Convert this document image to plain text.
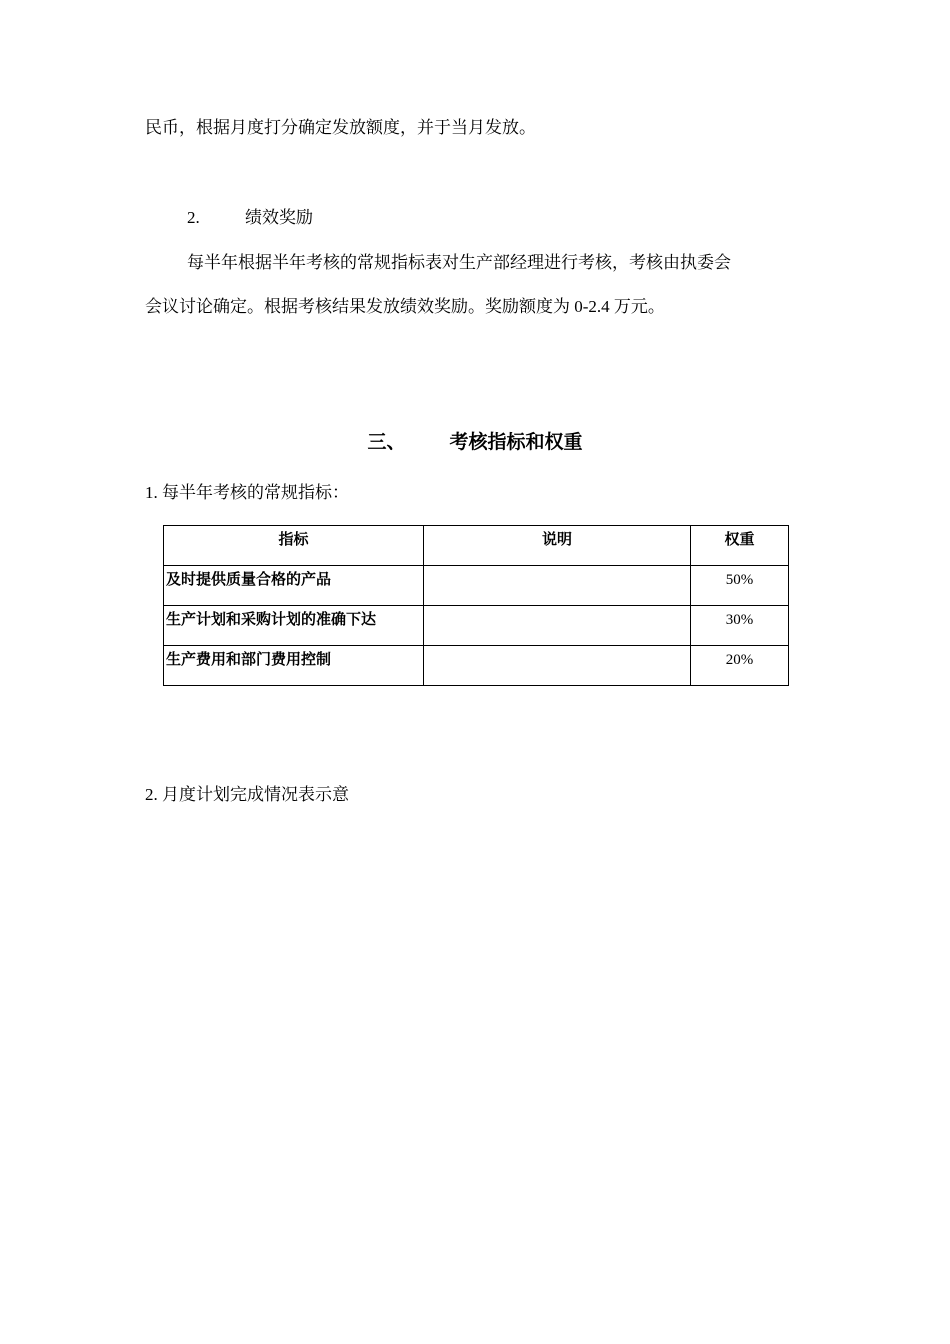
民币，根据月度打分确定发放额度，并于当月发放。
2.	绩效奖励
每半年根据半年考核的常规指标表对生产部经理进行考核，考核由执委会
会议讨论确定。根据考核结果发放绩效奖励。奖励额度为 0-2.4 万元。
三、 考核指标和权重
1. 每半年考核的常规指标：
指标	说明	权重
及时提供质量合格的产品		50%
生产计划和采购计划的准确下达		30%
生产费用和部门费用控制		20%
2. 月度计划完成情况表示意
